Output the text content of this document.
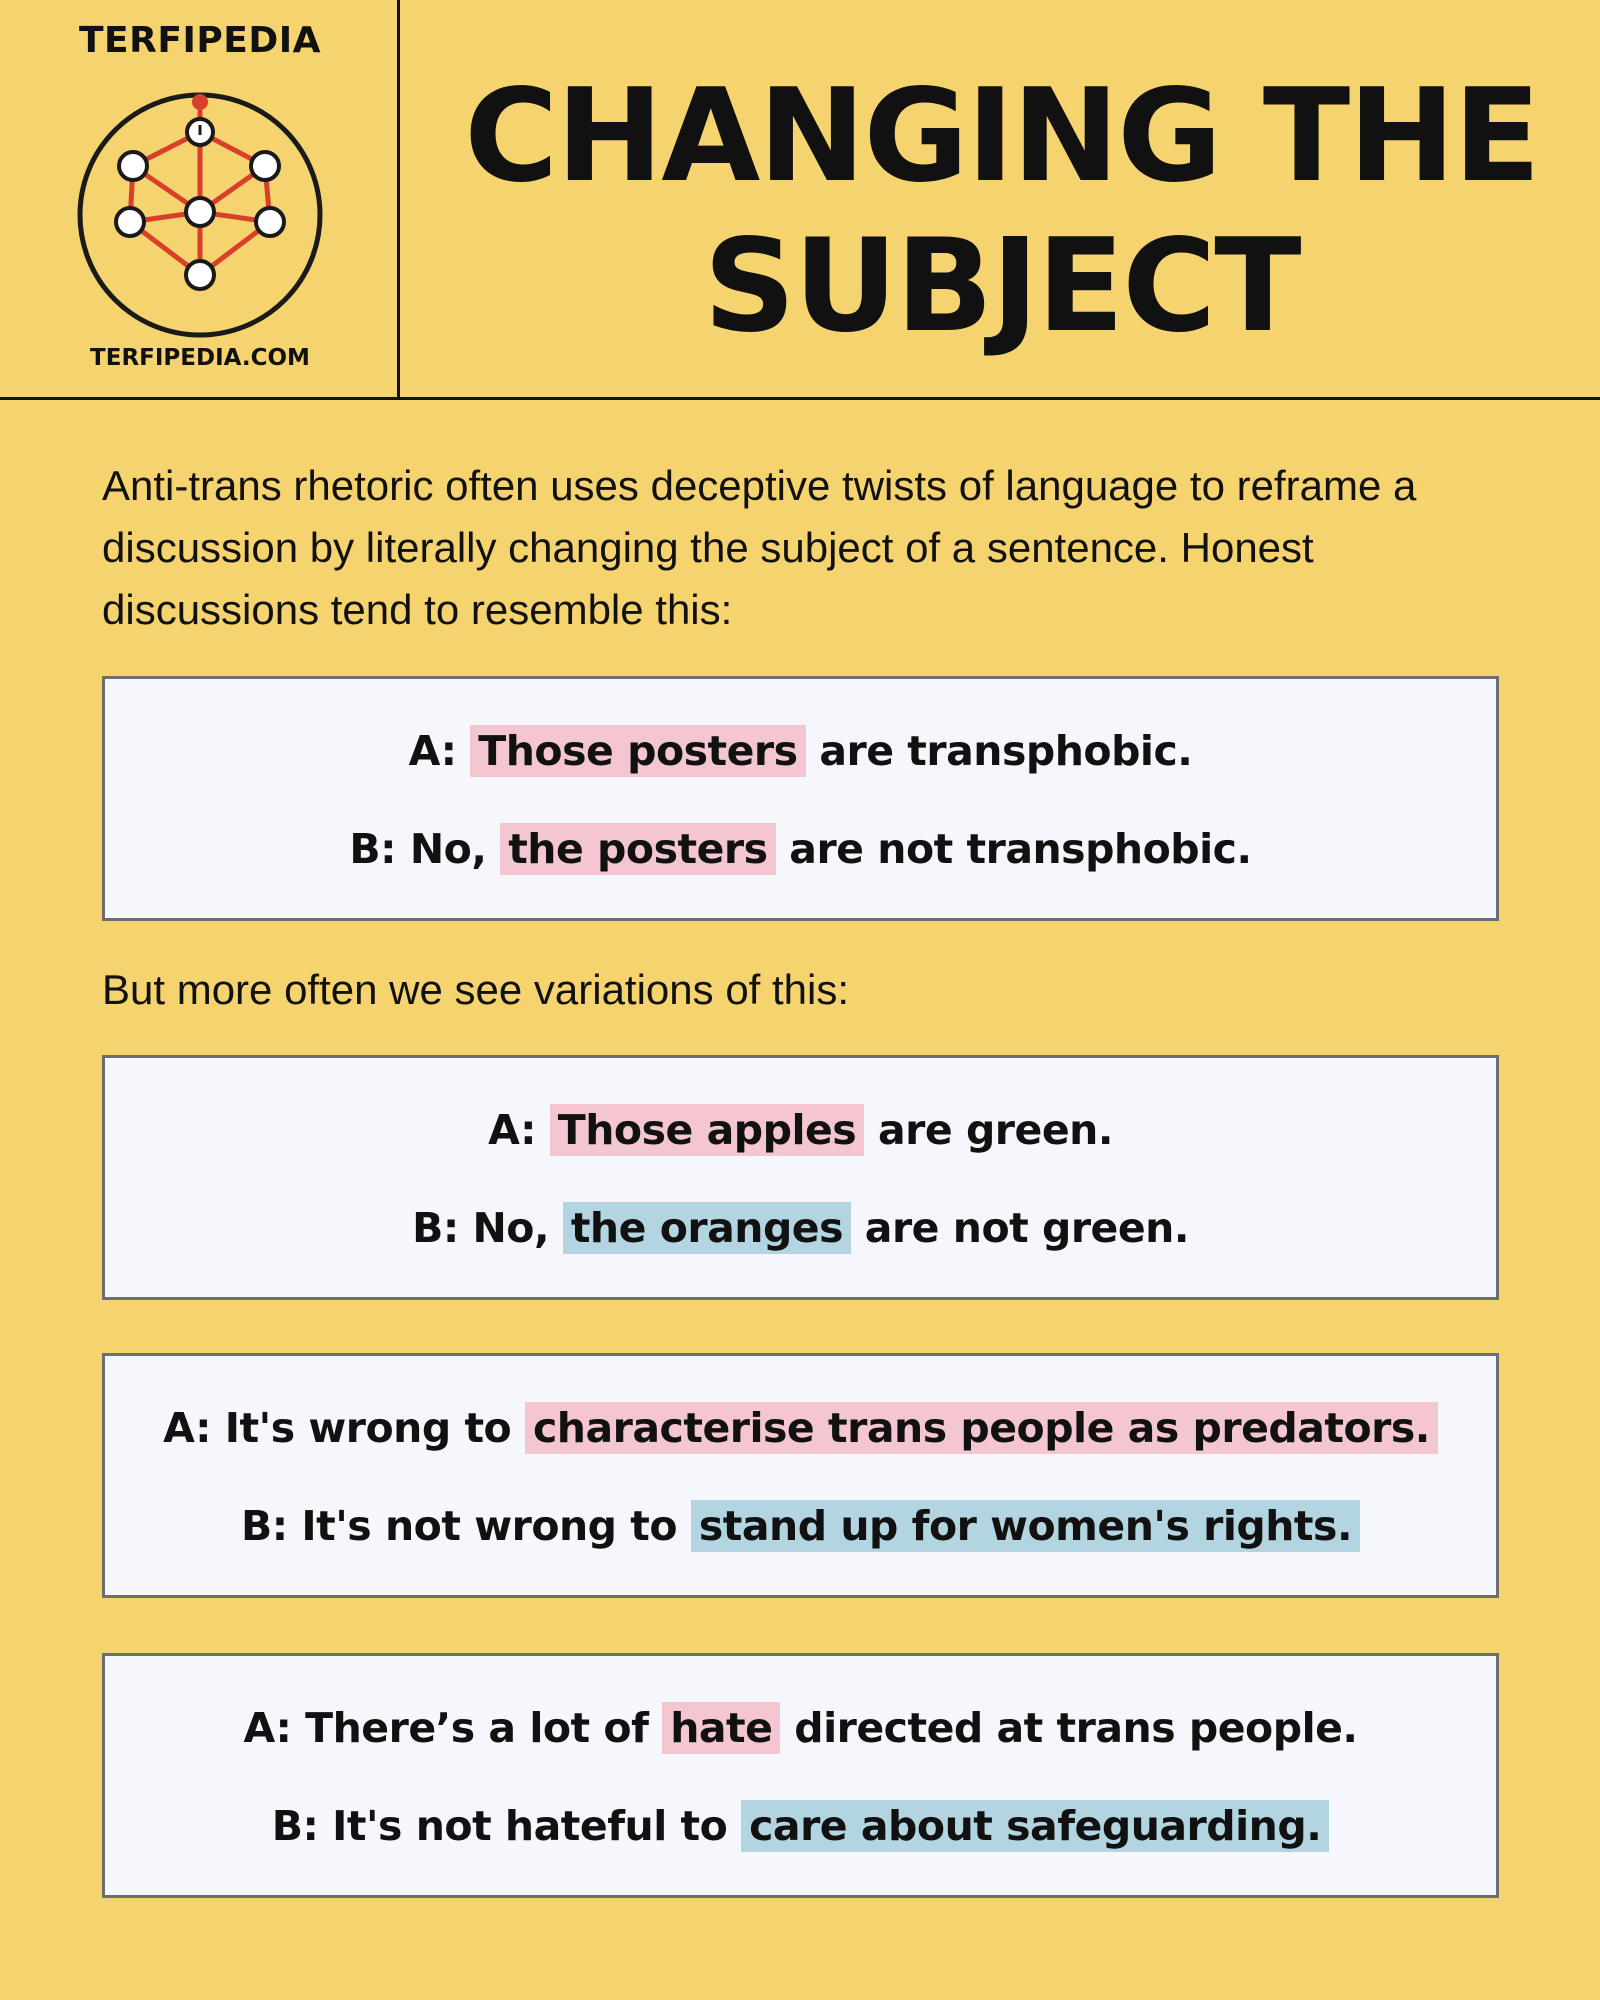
TERFIPEDIA
TERFIPEDIA.COM
CHANGING THE
SUBJECT

Anti-trans rhetoric often uses deceptive twists of language to reframe a discussion by literally changing the subject of a sentence. Honest discussions tend to resemble this:

A: Those posters are transphobic.
B: No, the posters are not transphobic.

But more often we see variations of this:

A: Those apples are green.
B: No, the oranges are not green.
A: It's wrong to characterise trans people as predators.
B: It's not wrong to stand up for women's rights.
A: There’s a lot of hate directed at trans people.
B: It's not hateful to care about safeguarding.
